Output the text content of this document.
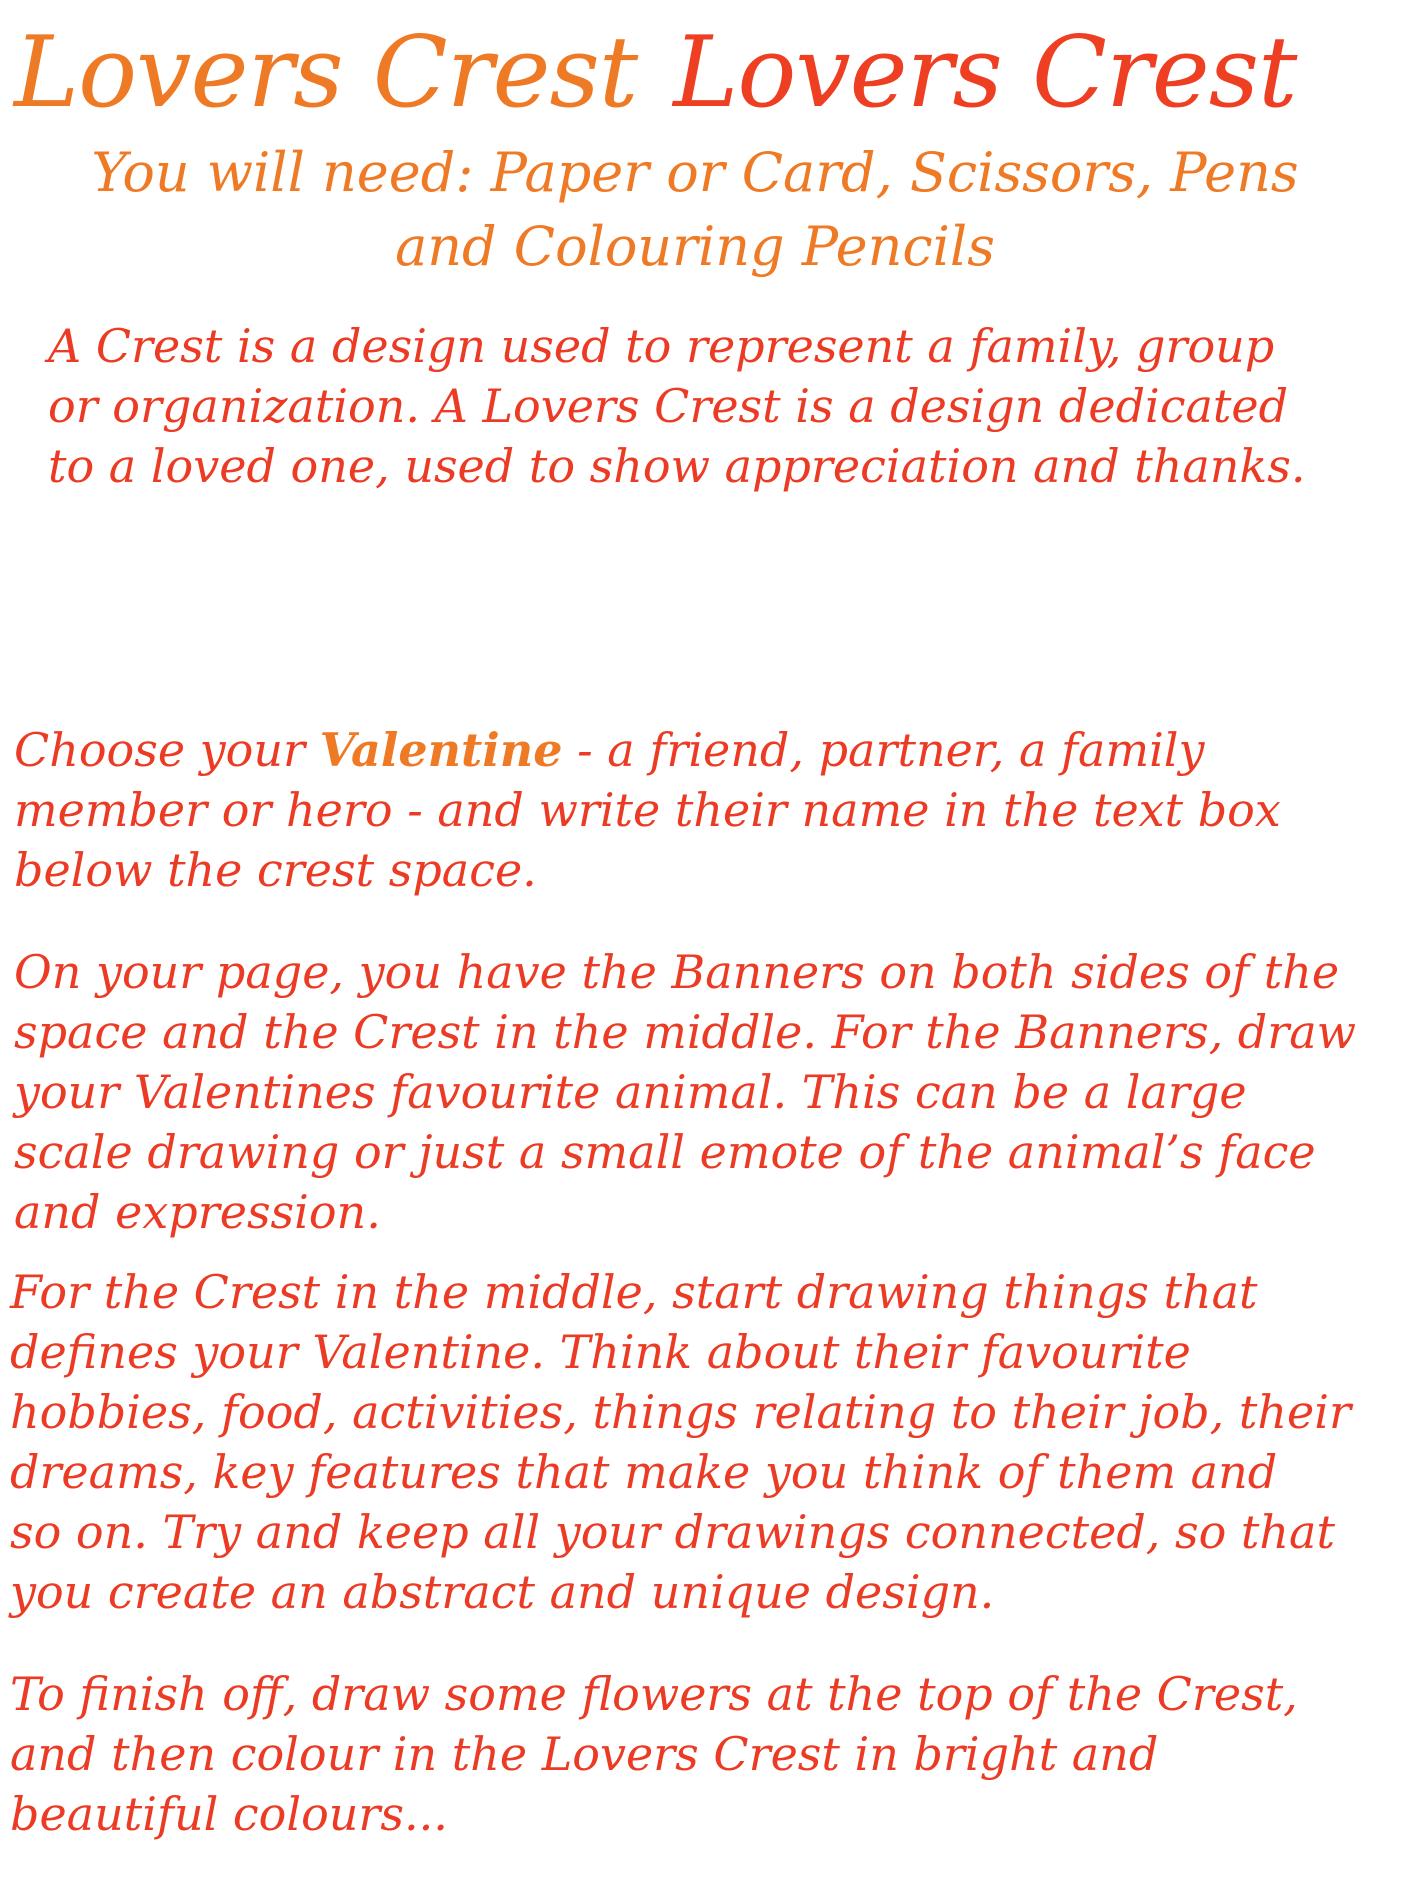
Lovers Crest Lovers Crest
You will need: Paper or Card, Scissors, Pens
and Colouring Pencils

A Crest is a design used to represent a family, group
or organization. A Lovers Crest is a design dedicated
to a loved one, used to show appreciation and thanks.

Choose your Valentine - a friend, partner, a family
member or hero - and write their name in the text box
below the crest space.

On your page, you have the Banners on both sides of the
space and the Crest in the middle. For the Banners, draw
your Valentines favourite animal. This can be a large
scale drawing or just a small emote of the animal’s face
and expression.

For the Crest in the middle, start drawing things that
defines your Valentine. Think about their favourite
hobbies, food, activities, things relating to their job, their
dreams, key features that make you think of them and
so on. Try and keep all your drawings connected, so that
you create an abstract and unique design.

To finish off, draw some flowers at the top of the Crest,
and then colour in the Lovers Crest in bright and
beautiful colours...
